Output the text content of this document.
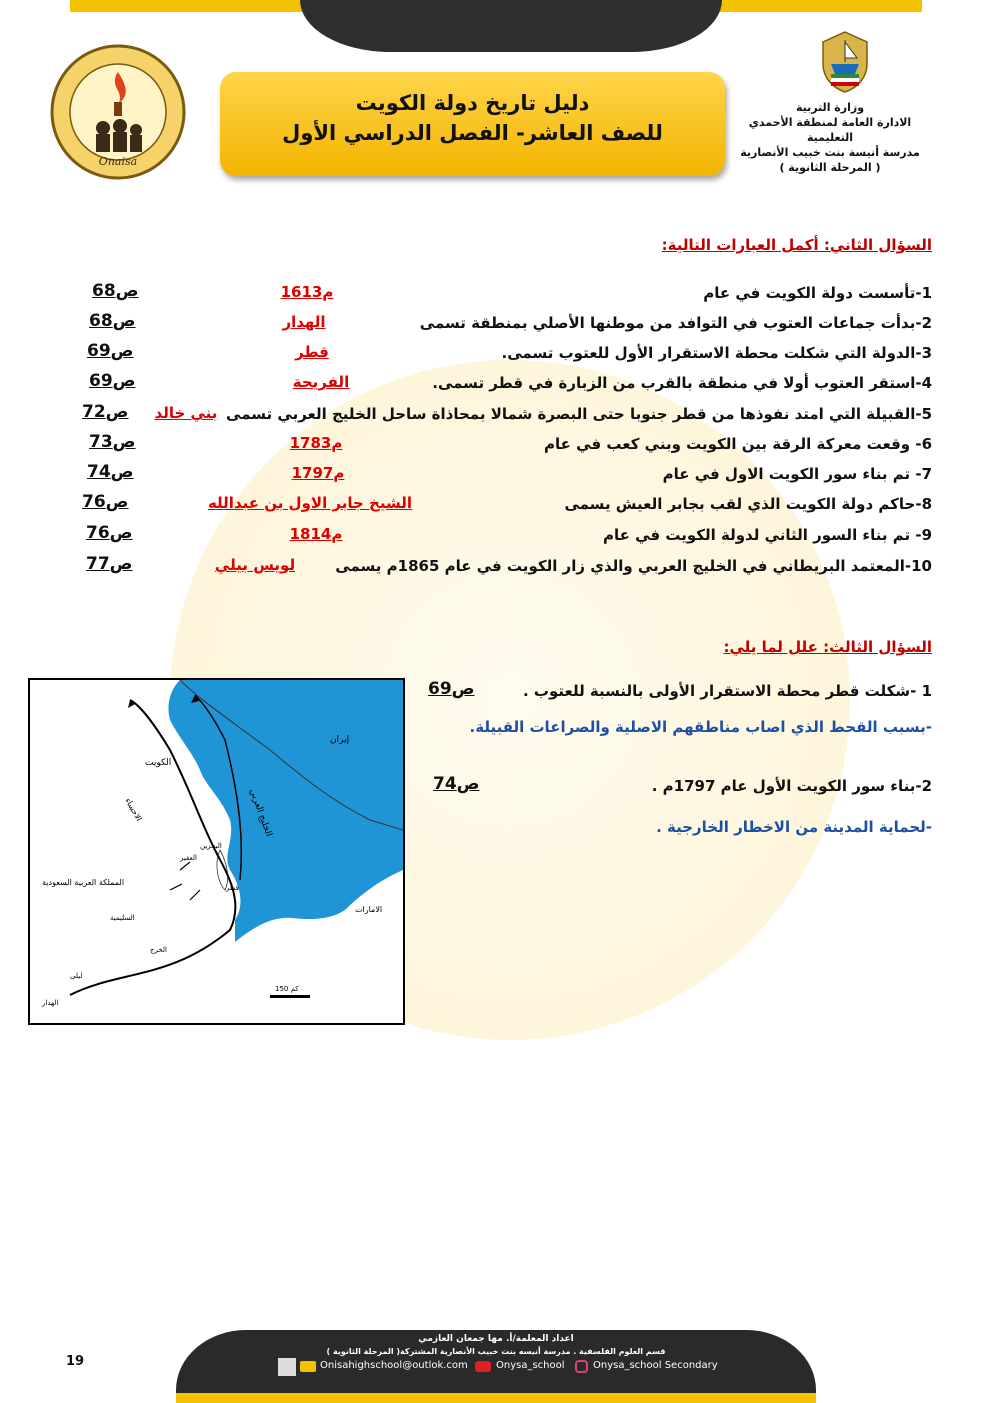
Onaisa
دليل تاريخ دولة الكويت
للصف العاشر- الفصل الدراسي الأول
وزارة التربية
الادارة العامة لمنطقة الأحمدي التعليمية
مدرسة أنيسة بنت خبيب الأنصارية
( المرحلة الثانوية )
السؤال الثاني: أكمل العبارات التالية:
1-تأسست دولة الكويت في عام
1613م
ص68
2-بدأت جماعات العتوب في التوافد من موطنها الأصلي بمنطقة تسمى
الهدار
ص68
3-الدولة التي شكلت محطة الاستقرار الأول للعتوب تسمى.
قطر
ص69
4-استقر العتوب أولا في منطقة بالقرب من الزبارة في قطر تسمى.
الفريحة
ص69
5-القبيلة التي امتد نفوذها من قطر جنوبا حتى البصرة شمالا بمحاذاة ساحل الخليج العربي تسمى
بني خالد
ص72
6- وقعت معركة الرقة بين الكويت وبني كعب في عام
1783م
ص73
7- تم بناء سور الكويت الاول في عام
1797م
ص74
8-حاكم دولة الكويت الذي لقب بجابر العيش يسمى
الشيخ جابر الاول بن عبدالله
ص76
9- تم بناء السور الثاني لدولة الكويت في عام
1814م
ص76
10-المعتمد البريطاني في الخليج العربي والذي زار الكويت في عام 1865م يسمى
لويس بيلي
ص77
السؤال الثالث: علل لما يلي:
1 -شكلت قطر محطة الاستقرار الأولى بالنسبة للعتوب .
ص69
-بسبب القحط الذي اصاب مناطقهم الاصلية والصراعات القبيلة.
2-بناء سور الكويت الأول عام 1797م .
ص74
-لحماية المدينة من الاخطار الخارجية .
إيران
الكويت
الخليج العربي
المملكة العربية السعودية
الامارات
ليلى
السليمية
الخرج
قطر
البحرين
العقير
الاحساء
150 كم
الهدار
اعداد المعلمة/أ. مها جمعان العازمي
قسم العلوم الفلسفية . مدرسة أنيسه بنت خبيب الأنصارية المشتركة( المرحلة الثانوية )
Onisahighschool@outlok.com	Onysa_school	Onysa_school Secondary
19
